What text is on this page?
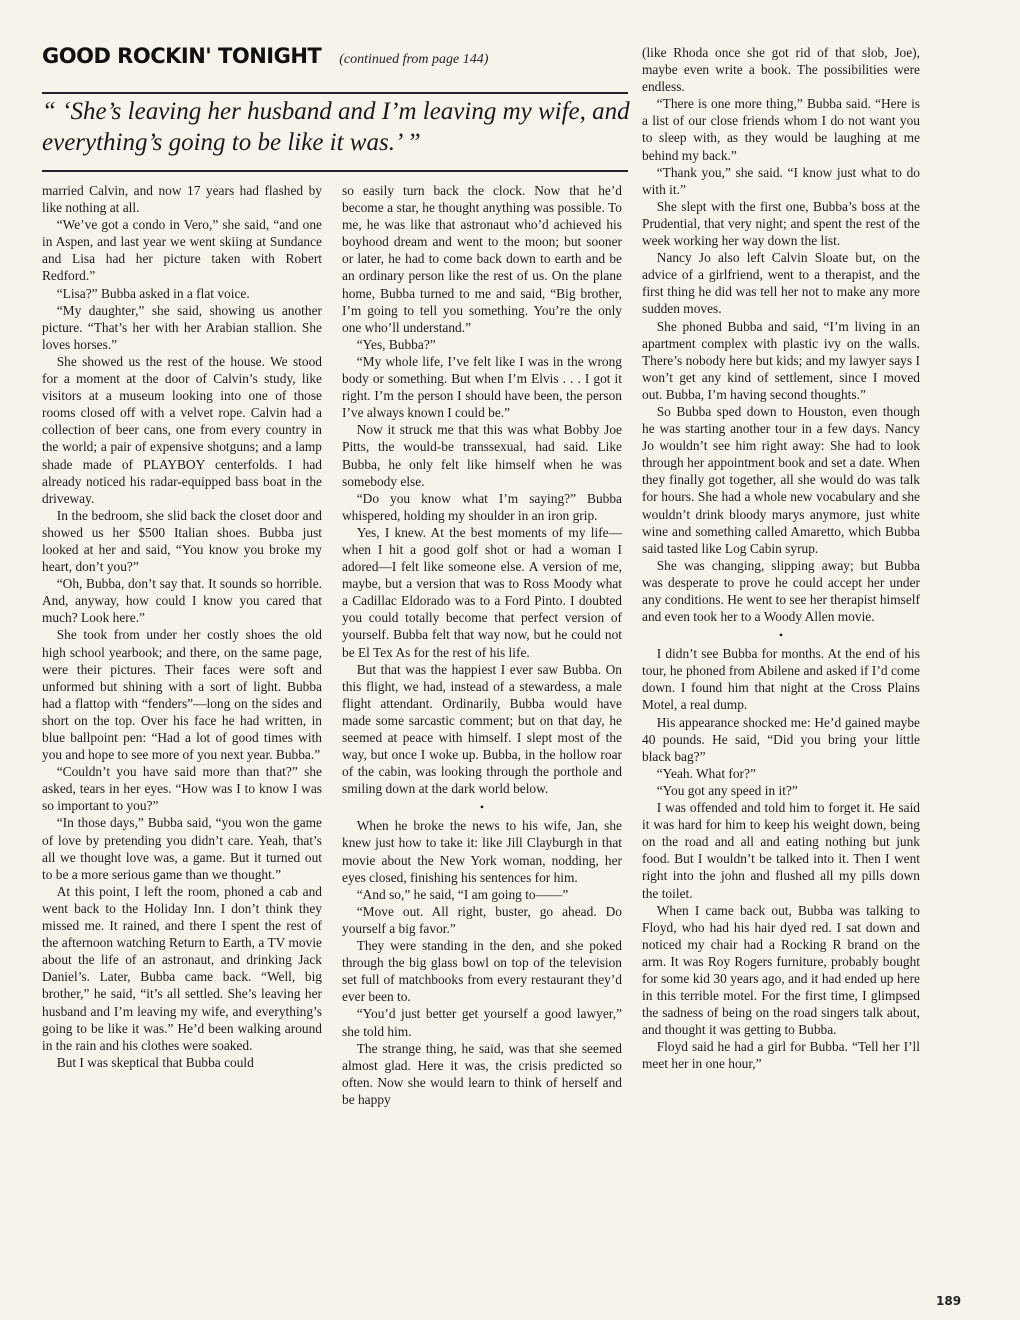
GOOD ROCKIN' TONIGHT (continued from page 144)
“ ‘She’s leaving her husband and I’m leaving my wife, and everything’s going to be like it was.’ ”

married Calvin, and now 17 years had flashed by like nothing at all.

“We’ve got a condo in Vero,” she said, “and one in Aspen, and last year we went skiing at Sundance and Lisa had her picture taken with Robert Redford.”

“Lisa?” Bubba asked in a flat voice.

“My daughter,” she said, showing us another picture. “That’s her with her Arabian stallion. She loves horses.”

She showed us the rest of the house. We stood for a moment at the door of Calvin’s study, like visitors at a museum looking into one of those rooms closed off with a velvet rope. Calvin had a collection of beer cans, one from every country in the world; a pair of expensive shotguns; and a lamp shade made of PLAYBOY centerfolds. I had already noticed his radar-equipped bass boat in the driveway.

In the bedroom, she slid back the closet door and showed us her $500 Italian shoes. Bubba just looked at her and said, “You know you broke my heart, don’t you?”

“Oh, Bubba, don’t say that. It sounds so horrible. And, anyway, how could I know you cared that much? Look here.”

She took from under her costly shoes the old high school yearbook; and there, on the same page, were their pictures. Their faces were soft and unformed but shining with a sort of light. Bubba had a flattop with “fenders”—long on the sides and short on the top. Over his face he had written, in blue ballpoint pen: “Had a lot of good times with you and hope to see more of you next year. Bubba.”

“Couldn’t you have said more than that?” she asked, tears in her eyes. “How was I to know I was so important to you?”

“In those days,” Bubba said, “you won the game of love by pretending you didn’t care. Yeah, that’s all we thought love was, a game. But it turned out to be a more serious game than we thought.”

At this point, I left the room, phoned a cab and went back to the Holiday Inn. I don’t think they missed me. It rained, and there I spent the rest of the afternoon watching Return to Earth, a TV movie about the life of an astronaut, and drinking Jack Daniel’s. Later, Bubba came back. “Well, big brother,” he said, “it’s all settled. She’s leaving her husband and I’m leaving my wife, and everything’s going to be like it was.” He’d been walking around in the rain and his clothes were soaked.

But I was skeptical that Bubba could

so easily turn back the clock. Now that he’d become a star, he thought anything was possible. To me, he was like that astronaut who’d achieved his boyhood dream and went to the moon; but sooner or later, he had to come back down to earth and be an ordinary person like the rest of us. On the plane home, Bubba turned to me and said, “Big brother, I’m going to tell you something. You’re the only one who’ll understand.”

“Yes, Bubba?”

“My whole life, I’ve felt like I was in the wrong body or something. But when I’m Elvis . . . I got it right. I’m the person I should have been, the person I’ve always known I could be.”

Now it struck me that this was what Bobby Joe Pitts, the would-be transsexual, had said. Like Bubba, he only felt like himself when he was somebody else.

“Do you know what I’m saying?” Bubba whispered, holding my shoulder in an iron grip.

Yes, I knew. At the best moments of my life—when I hit a good golf shot or had a woman I adored—I felt like someone else. A version of me, maybe, but a version that was to Ross Moody what a Cadillac Eldorado was to a Ford Pinto. I doubted you could totally become that perfect version of yourself. Bubba felt that way now, but he could not be El Tex As for the rest of his life.

But that was the happiest I ever saw Bubba. On this flight, we had, instead of a stewardess, a male flight attendant. Ordinarily, Bubba would have made some sarcastic comment; but on that day, he seemed at peace with himself. I slept most of the way, but once I woke up. Bubba, in the hollow roar of the cabin, was looking through the porthole and smiling down at the dark world below.

•

When he broke the news to his wife, Jan, she knew just how to take it: like Jill Clayburgh in that movie about the New York woman, nodding, her eyes closed, finishing his sentences for him.

“And so,” he said, “I am going to——”

“Move out. All right, buster, go ahead. Do yourself a big favor.”

They were standing in the den, and she poked through the big glass bowl on top of the television set full of matchbooks from every restaurant they’d ever been to.

“You’d just better get yourself a good lawyer,” she told him.

The strange thing, he said, was that she seemed almost glad. Here it was, the crisis predicted so often. Now she would learn to think of herself and be happy

(like Rhoda once she got rid of that slob, Joe), maybe even write a book. The possibilities were endless.

“There is one more thing,” Bubba said. “Here is a list of our close friends whom I do not want you to sleep with, as they would be laughing at me behind my back.”

“Thank you,” she said. “I know just what to do with it.”

She slept with the first one, Bubba’s boss at the Prudential, that very night; and spent the rest of the week working her way down the list.

Nancy Jo also left Calvin Sloate but, on the advice of a girlfriend, went to a therapist, and the first thing he did was tell her not to make any more sudden moves.

She phoned Bubba and said, “I’m living in an apartment complex with plastic ivy on the walls. There’s nobody here but kids; and my lawyer says I won’t get any kind of settlement, since I moved out. Bubba, I’m having second thoughts.”

So Bubba sped down to Houston, even though he was starting another tour in a few days. Nancy Jo wouldn’t see him right away: She had to look through her appointment book and set a date. When they finally got together, all she would do was talk for hours. She had a whole new vocabulary and she wouldn’t drink bloody marys anymore, just white wine and something called Amaretto, which Bubba said tasted like Log Cabin syrup.

She was changing, slipping away; but Bubba was desperate to prove he could accept her under any conditions. He went to see her therapist himself and even took her to a Woody Allen movie.

•

I didn’t see Bubba for months. At the end of his tour, he phoned from Abilene and asked if I’d come down. I found him that night at the Cross Plains Motel, a real dump.

His appearance shocked me: He’d gained maybe 40 pounds. He said, “Did you bring your little black bag?”

“Yeah. What for?”

“You got any speed in it?”

I was offended and told him to forget it. He said it was hard for him to keep his weight down, being on the road and all and eating nothing but junk food. But I wouldn’t be talked into it. Then I went right into the john and flushed all my pills down the toilet.

When I came back out, Bubba was talking to Floyd, who had his hair dyed red. I sat down and noticed my chair had a Rocking R brand on the arm. It was Roy Rogers furniture, probably bought for some kid 30 years ago, and it had ended up here in this terrible motel. For the first time, I glimpsed the sadness of being on the road singers talk about, and thought it was getting to Bubba.

Floyd said he had a girl for Bubba. “Tell her I’ll meet her in one hour,”

189
